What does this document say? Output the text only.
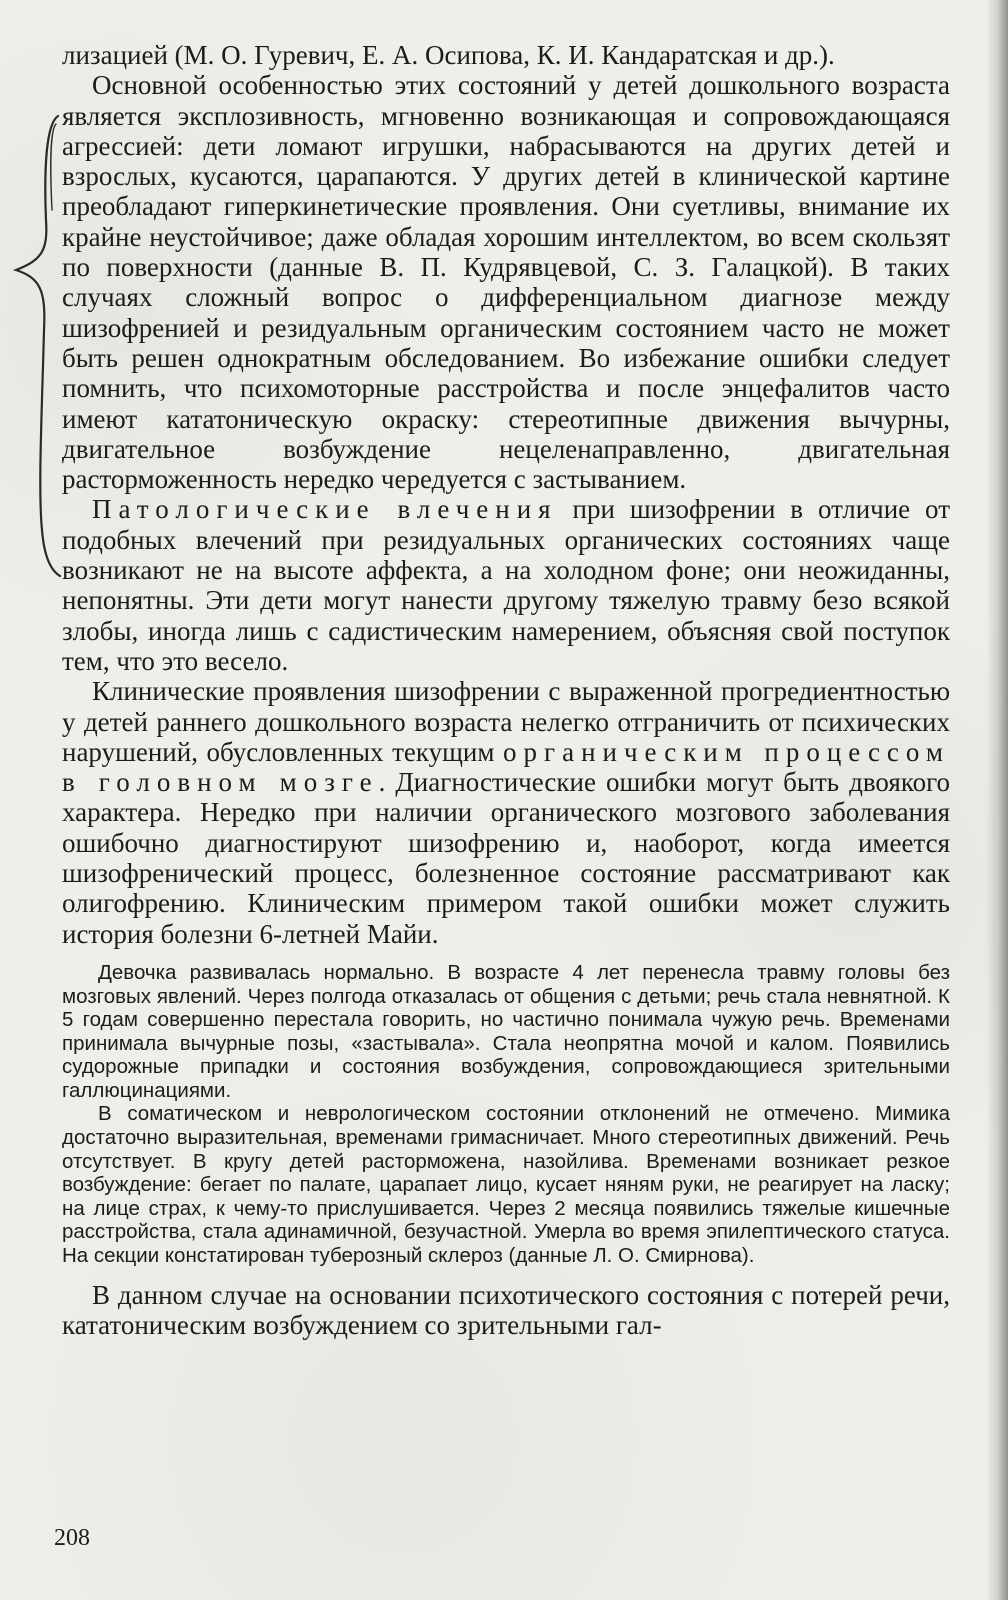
лизацией (М. О. Гуревич, Е. А. Осипова, К. И. Кандаратская и др.).

Основной особенностью этих состояний у детей дошкольного возраста является эксплозивность, мгновенно возникающая и сопровождающаяся агрессией: дети ломают игрушки, набрасываются на других детей и взрослых, кусаются, царапаются. У других детей в клинической картине преобладают гиперкинетические проявления. Они суетливы, внимание их крайне неустойчивое; даже обладая хорошим интеллектом, во всем скользят по поверхности (данные В. П. Кудрявцевой, С. З. Галацкой). В таких случаях сложный вопрос о дифференциальном диагнозе между шизофренией и резидуальным органическим состоянием часто не может быть решен однократным обследованием. Во избежание ошибки следует помнить, что психомоторные расстройства и после энцефалитов часто имеют кататоническую окраску: стереотипные движения вычурны, двигательное возбуждение нецеленаправленно, двигательная расторможенность нередко чередуется с застыванием.

Патологические влечения при шизофрении в отличие от подобных влечений при резидуальных органических состояниях чаще возникают не на высоте аффекта, а на холодном фоне; они неожиданны, непонятны. Эти дети могут нанести другому тяжелую травму безо всякой злобы, иногда лишь с садистическим намерением, объясняя свой поступок тем, что это весело.

Клинические проявления шизофрении с выраженной прогредиентностью у детей раннего дошкольного возраста нелегко отграничить от психических нарушений, обусловленных текущим органическим процессом в головном мозге. Диагностические ошибки могут быть двоякого характера. Нередко при наличии органического мозгового заболевания ошибочно диагностируют шизофрению и, наоборот, когда имеется шизофренический процесс, болезненное состояние рассматривают как олигофрению. Клиническим примером такой ошибки может служить история болезни 6-летней Майи.

Девочка развивалась нормально. В возрасте 4 лет перенесла травму головы без мозговых явлений. Через полгода отказалась от общения с детьми; речь стала невнятной. К 5 годам совершенно перестала говорить, но частично понимала чужую речь. Временами принимала вычурные позы, «застывала». Стала неопрятна мочой и калом. Появились судорожные припадки и состояния возбуждения, сопровождающиеся зрительными галлюцинациями.

В соматическом и неврологическом состоянии отклонений не отмечено. Мимика достаточно выразительная, временами гримасничает. Много стереотипных движений. Речь отсутствует. В кругу детей расторможена, назойлива. Временами возникает резкое возбуждение: бегает по палате, царапает лицо, кусает няням руки, не реагирует на ласку; на лице страх, к чему-то прислушивается. Через 2 месяца появились тяжелые кишечные расстройства, стала адинамичной, безучастной. Умерла во время эпилептического статуса. На секции констатирован туберозный склероз (данные Л. О. Смирнова).

В данном случае на основании психотического состояния с потерей речи, кататоническим возбуждением со зрительными гал-

208
